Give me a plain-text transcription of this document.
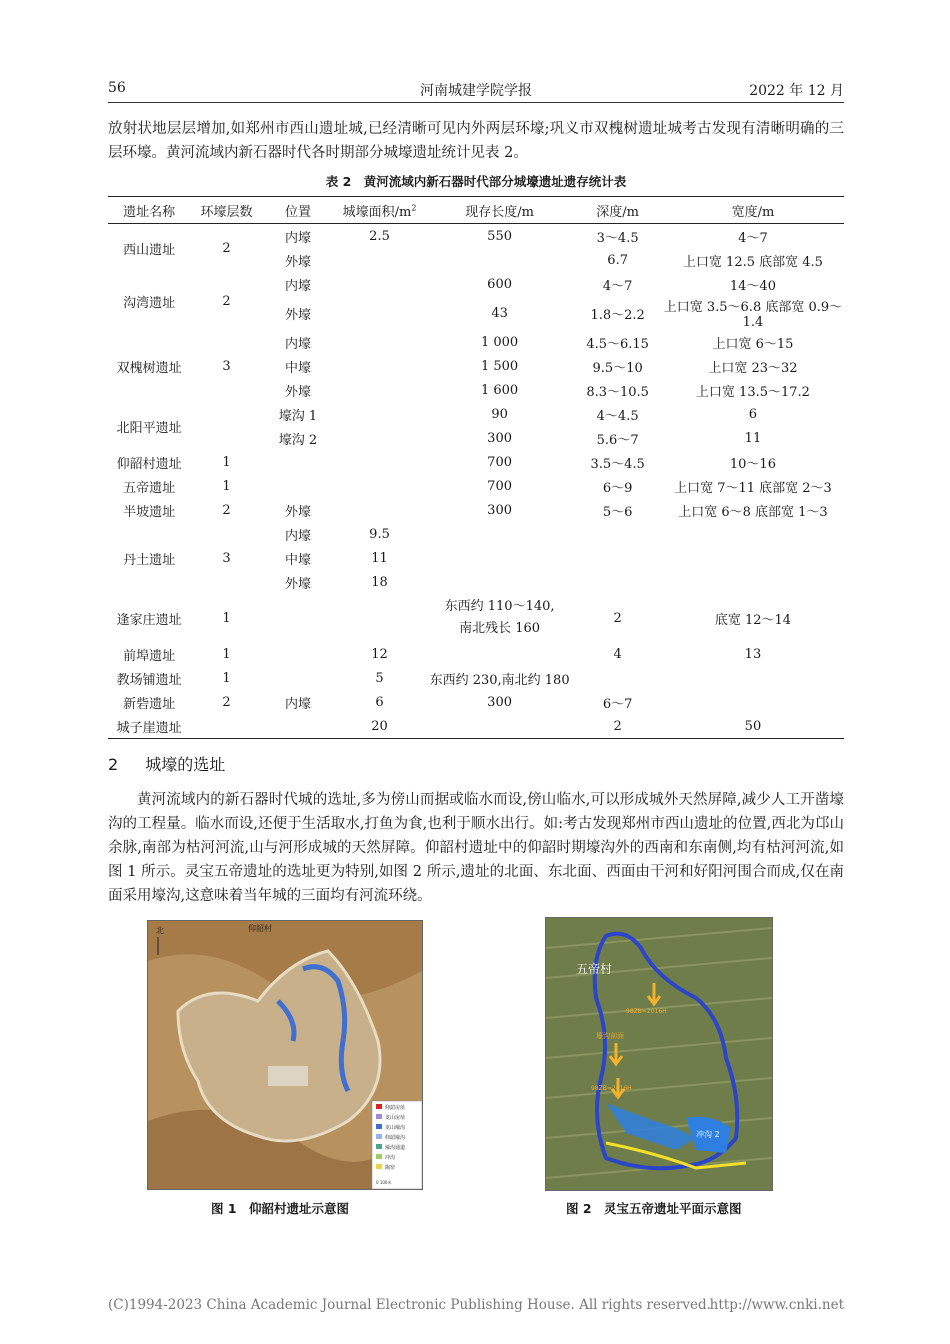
56	河南城建学院学报	2022 年 12 月

放射状地层层增加,如郑州市西山遗址城,已经清晰可见内外两层环壕;巩义市双槐树遗址城考古发现有清晰明确的三层环壕。黄河流域内新石器时代各时期部分城壕遗址统计见表 2。

表 2　黄河流域内新石器时代部分城壕遗址遗存统计表
遗址名称	环壕层数	位置	城壕面积$/m^2$	现存长度/m	深度/m	宽度/m
西山遗址	2	内壕	2.5	550	3～4.5	4～7
		外壕			6.7	上口宽 12.5 底部宽 4.5
沟湾遗址	2	内壕		600	4～7	14～40
		外壕		43	1.8～2.2	上口宽 3.5～6.8 底部宽 0.9～1.4
双槐树遗址	3	内壕		1 000	4.5～6.15	上口宽 6～15
		中壕		1 500	9.5～10	上口宽 23～32
		外壕		1 600	8.3～10.5	上口宽 13.5～17.2
北阳平遗址		壕沟 1		90	4～4.5	6
		壕沟 2		300	5.6～7	11
仰韶村遗址	1			700	3.5～4.5	10～16
五帝遗址	1			700	6～9	上口宽 7～11 底部宽 2～3
半坡遗址	2	外壕		300	5～6	上口宽 6～8 底部宽 1～3
丹土遗址	3	内壕	9.5			
		中壕	11			
		外壕	18			
逢家庄遗址	1			东西约 110～140,南北残长 160	2	底宽 12～14
前埠遗址	1		12		4	13
教场铺遗址	1		5	东西约 230,南北约 180		
新砦遗址	2	内壕	6	300	6～7	
城子崖遗址			20		2	50
2 城壕的选址

黄河流域内的新石器时代城的选址,多为傍山而据或临水而设,傍山临水,可以形成城外天然屏障,减少人工开凿壕沟的工程量。临水而设,还便于生活取水,打鱼为食,也利于顺水出行。如:考古发现郑州市西山遗址的位置,西北为邙山余脉,南部为枯河河流,山与河形成城的天然屏障。仰韶村遗址中的仰韶时期壕沟外的西南和东南侧,均有枯河河流,如图 1 所示。灵宝五帝遗址的选址更为特别,如图 2 所示,遗址的北面、东北面、西面由干河和好阳河围合而成,仅在南面采用壕沟,这意味着当年城的三面均有河流环绕。

北	仰韶村
仰韶房址
龙山房址
龙山壕沟
仰韶壕沟
壕沟通道
冲沟
陶窑
0 100米
图 1　仰韶村遗址示意图
五帝村
98ZB=2016H
壕沟剖面
98ZB=2016H
冲沟 2
图 2　灵宝五帝遗址平面示意图
(C)1994-2023 China Academic Journal Electronic Publishing House. All rights reserved.
http://www.cnki.net
